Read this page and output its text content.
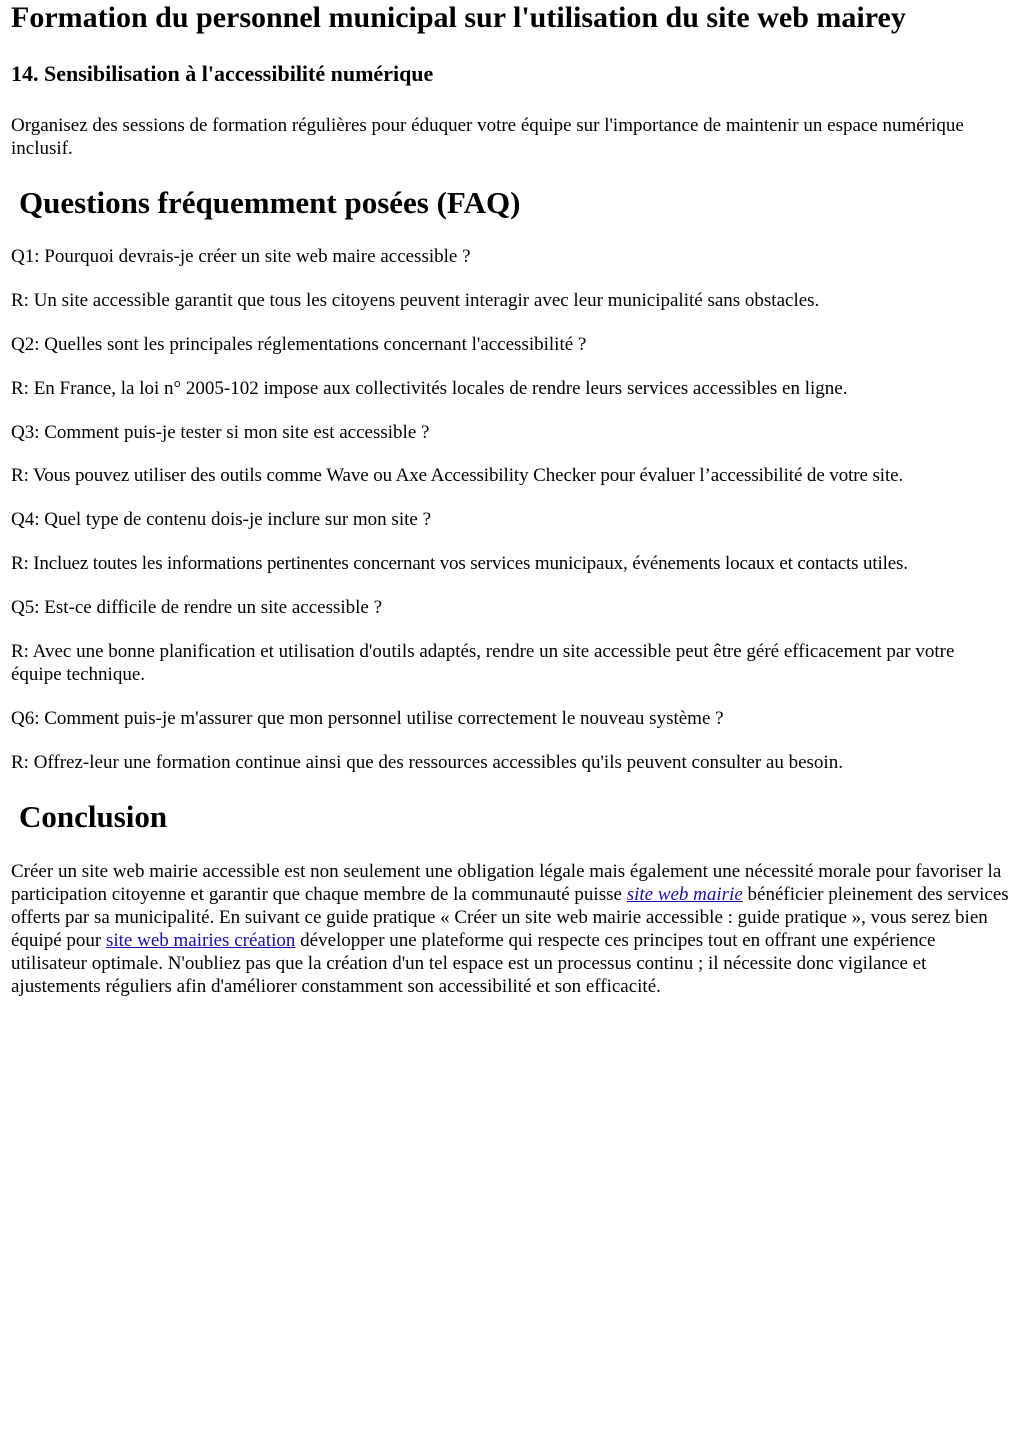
Formation du personnel municipal sur l'utilisation du site web mairey
14. Sensibilisation à l'accessibilité numérique

Organisez des sessions de formation régulières pour éduquer votre équipe sur l'importance de maintenir un espace numérique inclusif.

Questions fréquemment posées (FAQ)

Q1: Pourquoi devrais-je créer un site web maire accessible ?

R: Un site accessible garantit que tous les citoyens peuvent interagir avec leur municipalité sans obstacles.

Q2: Quelles sont les principales réglementations concernant l'accessibilité ?

R: En France, la loi n° 2005-102 impose aux collectivités locales de rendre leurs services accessibles en ligne.

Q3: Comment puis-je tester si mon site est accessible ?

R: Vous pouvez utiliser des outils comme Wave ou Axe Accessibility Checker pour évaluer l’accessibilité de votre site.

Q4: Quel type de contenu dois-je inclure sur mon site ?

R: Incluez toutes les informations pertinentes concernant vos services municipaux, événements locaux et contacts utiles.

Q5: Est-ce difficile de rendre un site accessible ?

R: Avec une bonne planification et utilisation d'outils adaptés, rendre un site accessible peut être géré efficacement par votre équipe technique.

Q6: Comment puis-je m'assurer que mon personnel utilise correctement le nouveau système ?

R: Offrez-leur une formation continue ainsi que des ressources accessibles qu'ils peuvent consulter au besoin.

Conclusion

Créer un site web mairie accessible est non seulement une obligation légale mais également une nécessité morale pour favoriser la participation citoyenne et garantir que chaque membre de la communauté puisse site web mairie bénéficier pleinement des services offerts par sa municipalité. En suivant ce guide pratique « Créer un site web mairie accessible : guide pratique », vous serez bien équipé pour site web mairies création développer une plateforme qui respecte ces principes tout en offrant une expérience utilisateur optimale. N'oubliez pas que la création d'un tel espace est un processus continu ; il nécessite donc vigilance et ajustements réguliers afin d'améliorer constamment son accessibilité et son efficacité.
